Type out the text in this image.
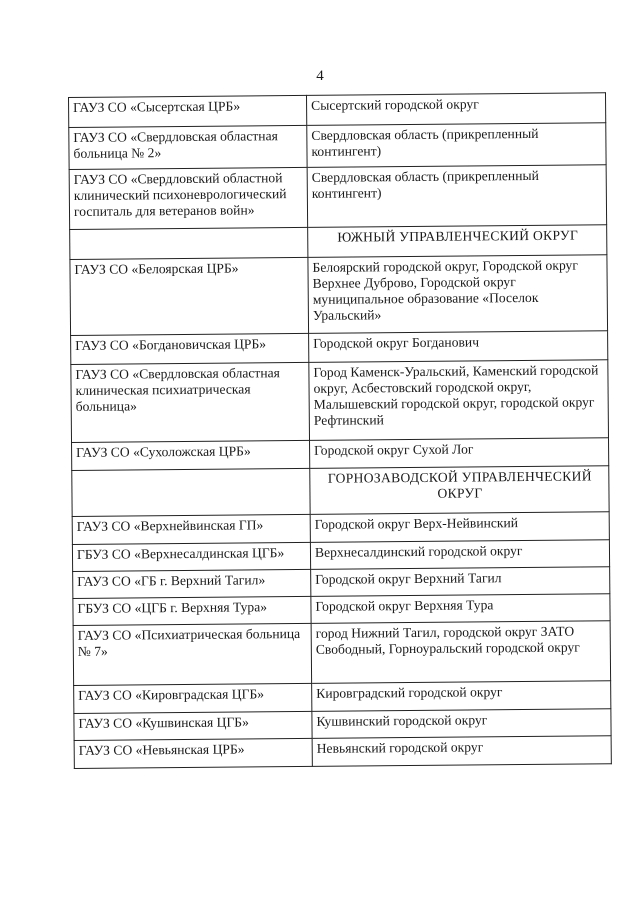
4
ГАУЗ СО «Сысертская ЦРБ»	Сысертский городской округ
ГАУЗ СО «Свердловская областная больница № 2»	Свердловская область (прикрепленный контингент)
ГАУЗ СО «Свердловский областной клинический психоневрологический госпиталь для ветеранов войн»	Свердловская область (прикрепленный контингент)
	ЮЖНЫЙ УПРАВЛЕНЧЕСКИЙ ОКРУГ
ГАУЗ СО «Белоярская ЦРБ»	Белоярский городской округ, Городской округ Верхнее Дуброво, Городской округ муниципальное образование «Поселок Уральский»
ГАУЗ СО «Богдановичская ЦРБ»	Городской округ Богданович
ГАУЗ СО «Свердловская областная клиническая психиатрическая больница»	Город Каменск-Уральский, Каменский городской округ, Асбестовский городской округ, Малышевский городской округ, городской округ Рефтинский
ГАУЗ СО «Сухоложская ЦРБ»	Городской округ Сухой Лог
	ГОРНОЗАВОДСКОЙ УПРАВЛЕНЧЕСКИЙ ОКРУГ
ГАУЗ СО «Верхнейвинская ГП»	Городской округ Верх-Нейвинский
ГБУЗ СО «Верхнесалдинская ЦГБ»	Верхнесалдинский городской округ
ГАУЗ СО «ГБ г. Верхний Тагил»	Городской округ Верхний Тагил
ГБУЗ СО «ЦГБ г. Верхняя Тура»	Городской округ Верхняя Тура
ГАУЗ СО «Психиатрическая больница № 7»	город Нижний Тагил, городской округ ЗАТО Свободный, Горноуральский городской округ
ГАУЗ СО «Кировградская ЦГБ»	Кировградский городской округ
ГАУЗ СО «Кушвинская ЦГБ»	Кушвинский городской округ
ГАУЗ СО «Невьянская ЦРБ»	Невьянский городской округ
